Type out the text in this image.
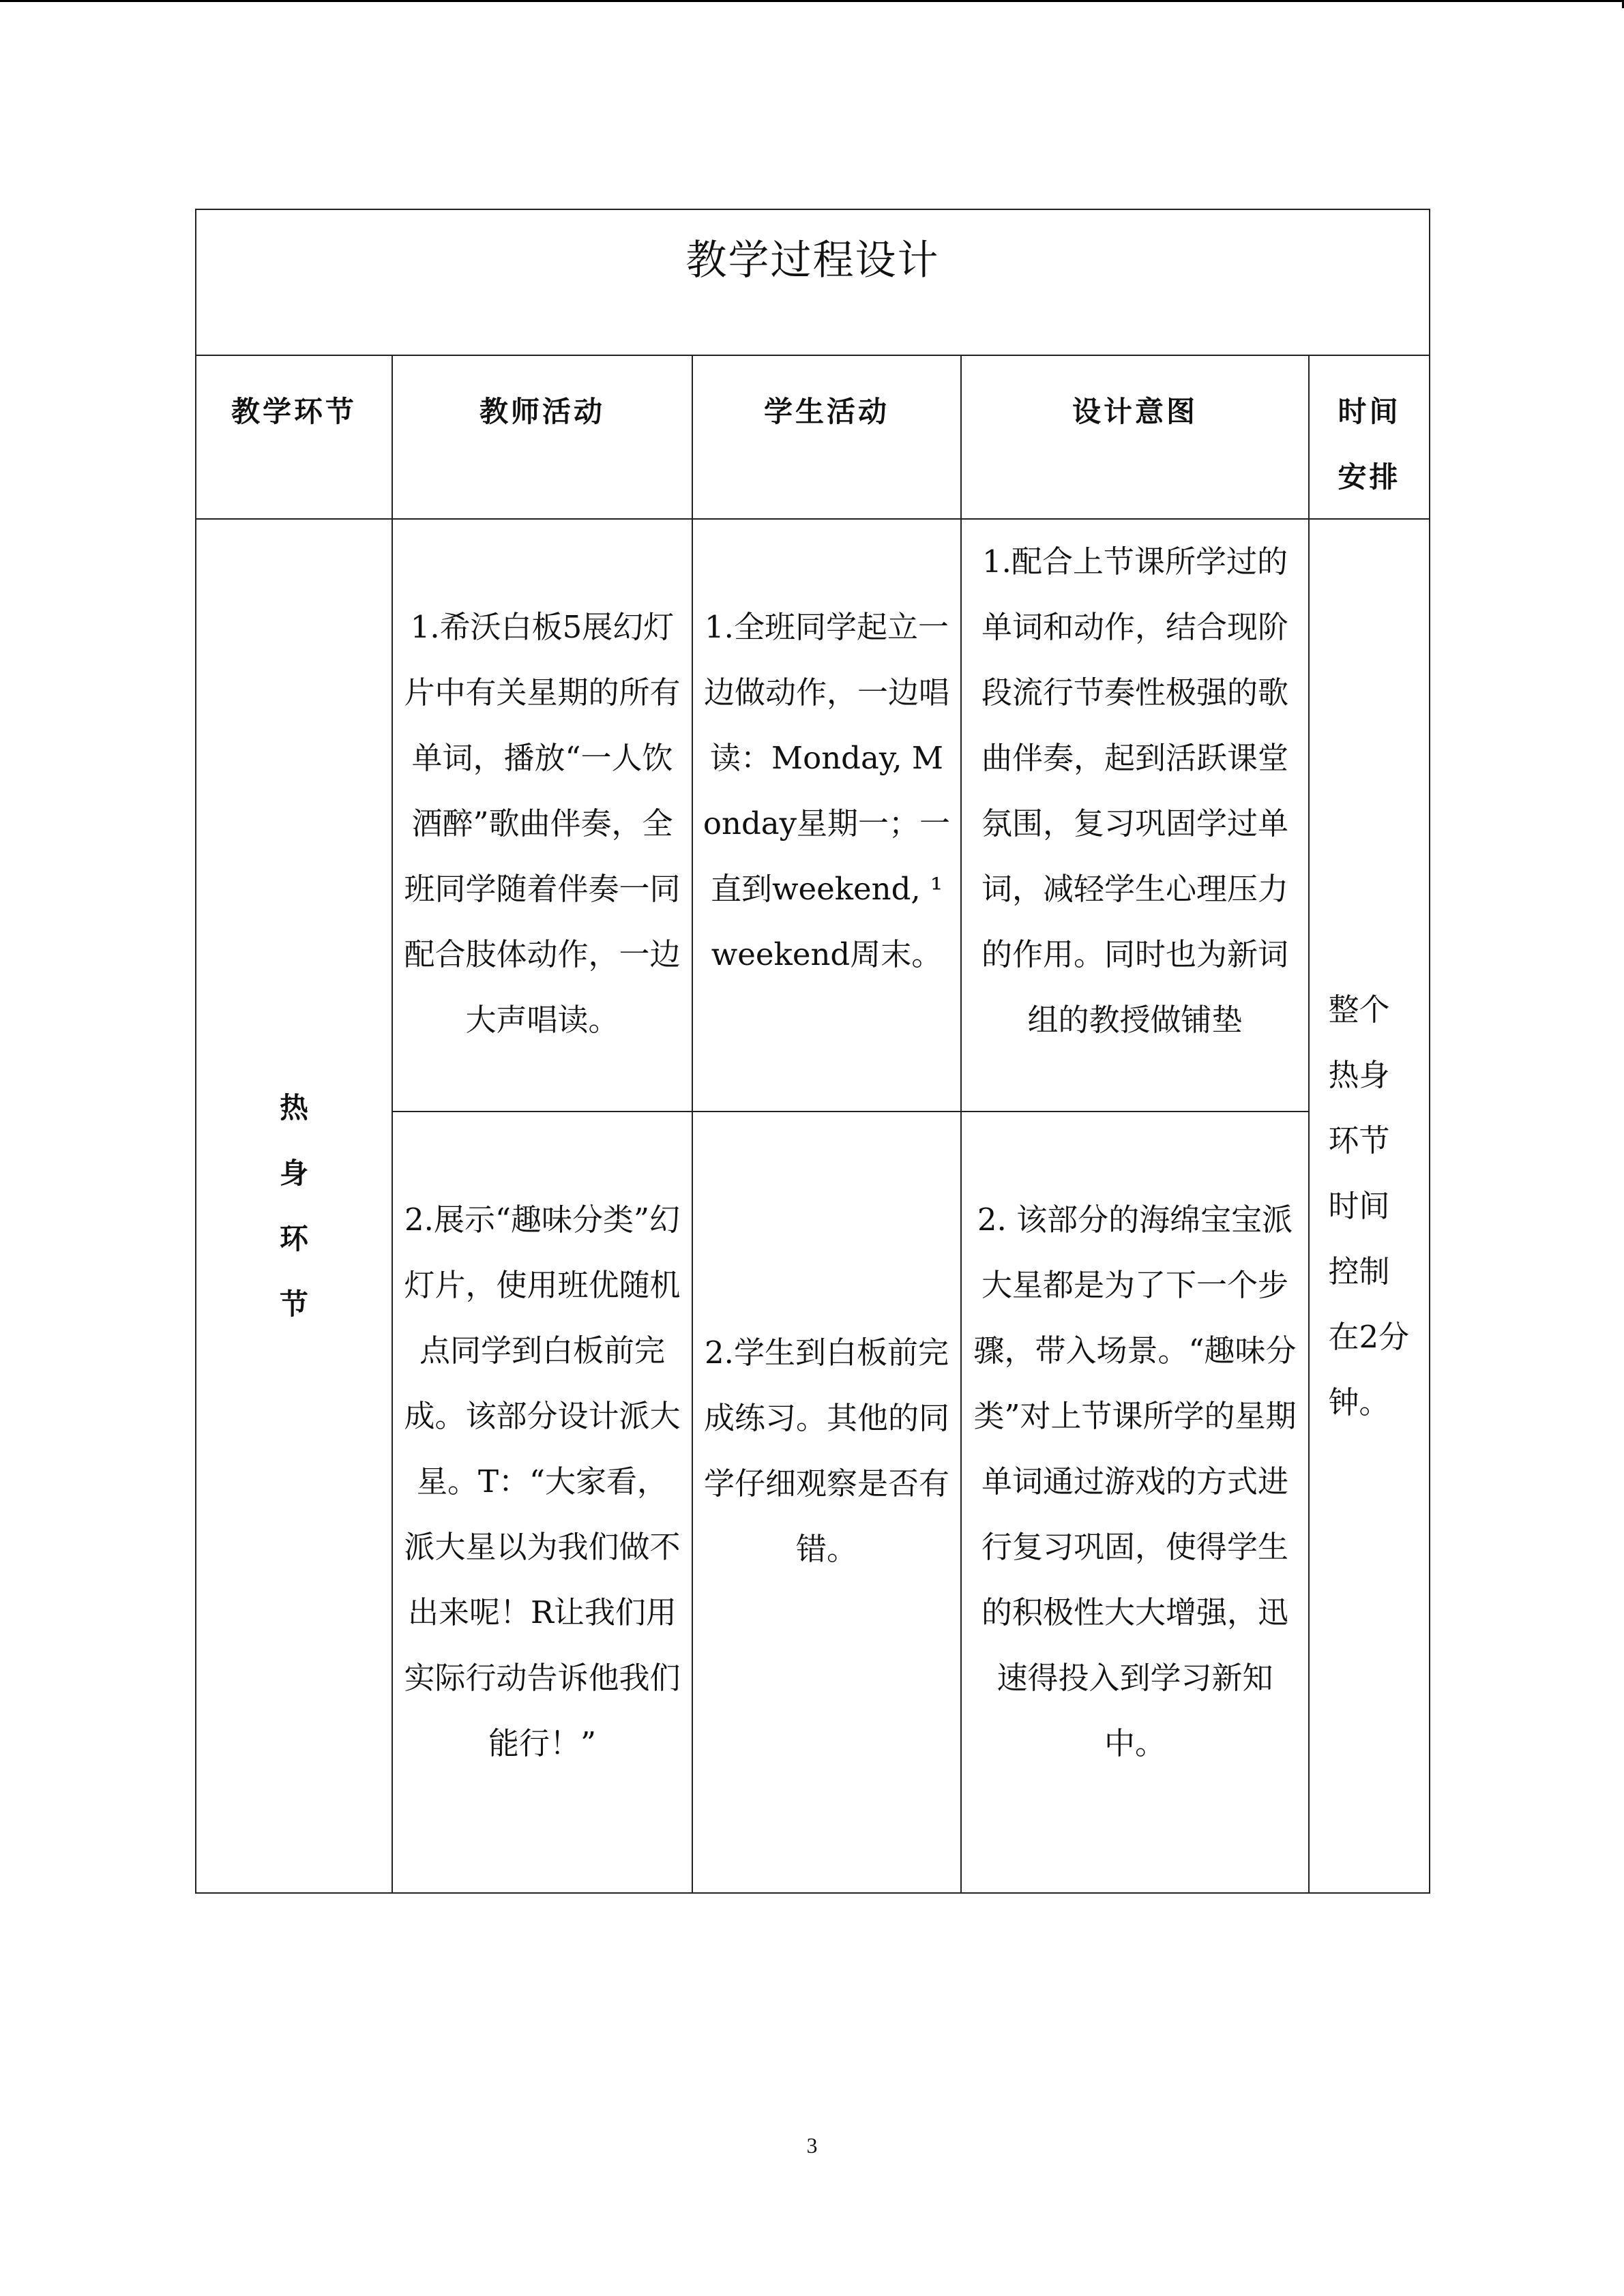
教学过程设计				

教学环节	教师活动	学生活动	设计意图	时间安排

热身环节	1.希沃白板5展幻灯片中有关星期的所有单词，播放“一人饮酒醉”歌曲伴奏，全班同学随着伴奏一同配合肢体动作，一边大声唱读。	1.全班同学起立一边做动作，一边唱读：Monday, Monday星期一；一直到weekend, ¹weekend周末。	1.配合上节课所学过的单词和动作，结合现阶段流行节奏性极强的歌曲伴奏，起到活跃课堂氛围，复习巩固学过单词，减轻学生心理压力的作用。同时也为新词组的教授做铺垫	整个热身环节时间控制在2分钟。

	2.展示“趣味分类”幻灯片，使用班优随机点同学到白板前完成。该部分设计派大星。T：“大家看，派大星以为我们做不出来呢！R让我们用实际行动告诉他我们能行！”	2.学生到白板前完成练习。其他的同学仔细观察是否有错。	2. 该部分的海绵宝宝派大星都是为了下一个步骤，带入场景。“趣味分类”对上节课所学的星期单词通过游戏的方式进行复习巩固，使得学生的积极性大大增强，迅速得投入到学习新知中。	
3
